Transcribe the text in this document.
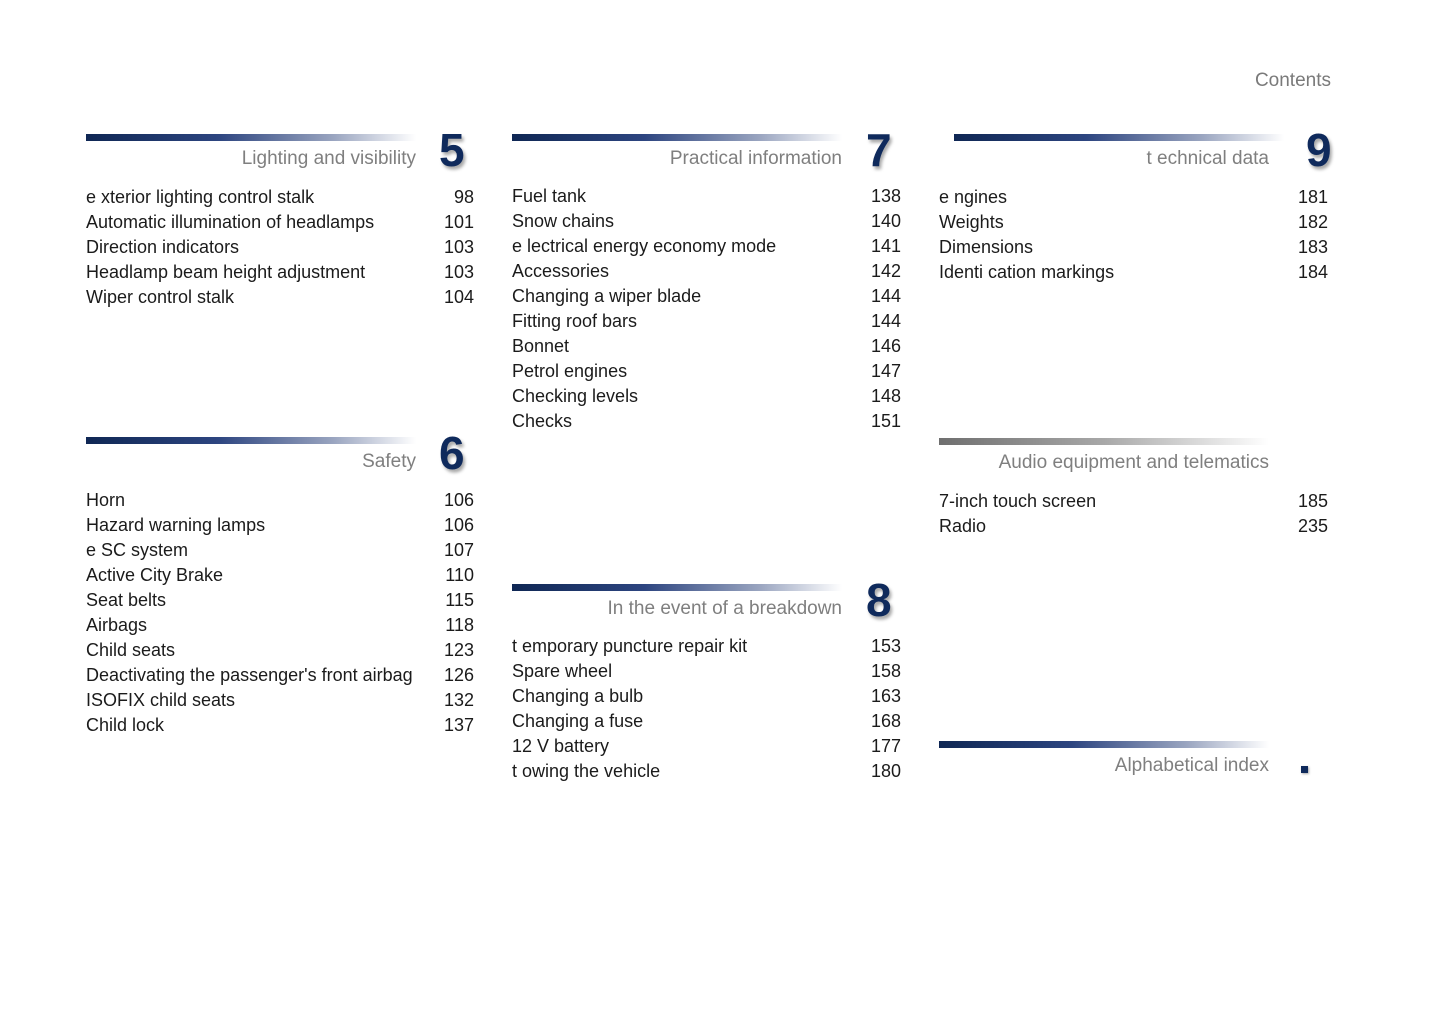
Contents
Lighting and visibility 5
e xterior lighting control stalk	98
Automatic illumination of headlamps	101
Direction indicators	103
Headlamp beam height adjustment	103
Wiper control stalk	104
Safety 6
Horn	106
Hazard warning lamps	106
e SC system	107
Active City Brake	110
Seat belts	115
Airbags	118
Child seats	123
Deactivating the passenger's front airbag 126
ISOFIX child seats	132
Child lock	137
Practical information 7
Fuel tank	138
Snow chains	140
e lectrical energy economy mode	141
Accessories	142
Changing a wiper blade	144
Fitting roof bars	144
Bonnet	146
Petrol engines	147
Checking levels	148
Checks	151
In the event of a breakdown 8
t emporary puncture repair kit	153
Spare wheel	158
Changing a bulb	163
Changing a fuse	168
12 V battery	177
t owing the vehicle	180
t echnical data 9
e ngines	181
Weights	182
Dimensions	183
Identi cation markings	184
Audio equipment and telematics
7-inch touch screen	185
Radio	235
Alphabetical index
